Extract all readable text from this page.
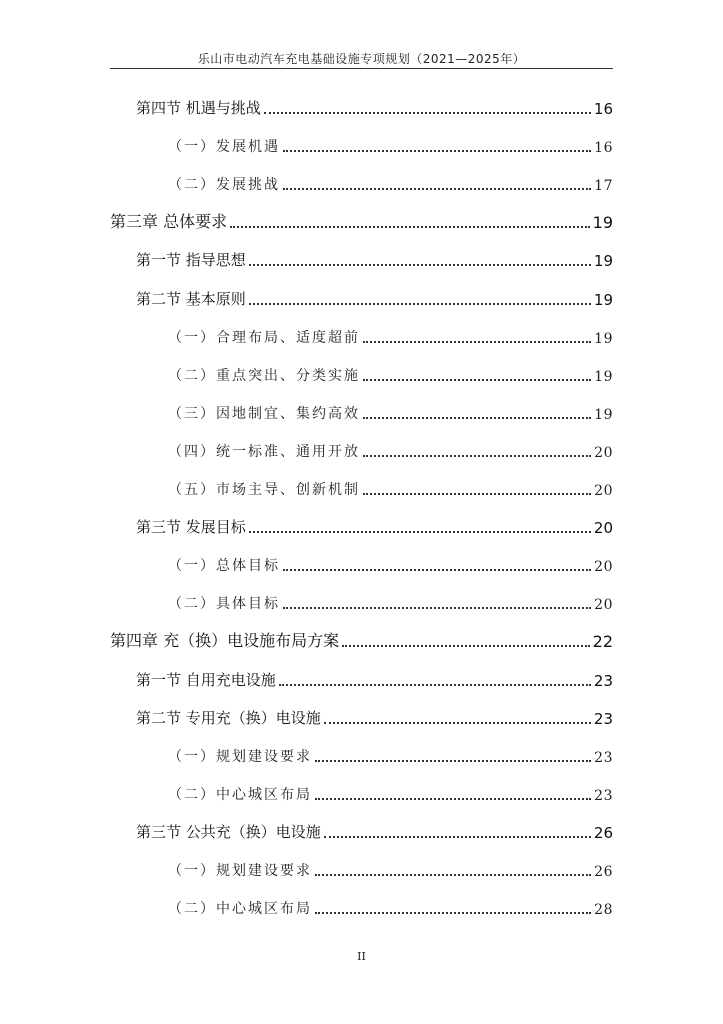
乐山市电动汽车充电基础设施专项规划（2021—2025年）
第四节 机遇与挑战	16
（一）发展机遇	16
（二）发展挑战	17
第三章 总体要求	19
第一节 指导思想	19
第二节 基本原则	19
（一）合理布局、适度超前	19
（二）重点突出、分类实施	19
（三）因地制宜、集约高效	19
（四）统一标准、通用开放	20
（五）市场主导、创新机制	20
第三节 发展目标	20
（一）总体目标	20
（二）具体目标	20
第四章 充（换）电设施布局方案	22
第一节 自用充电设施	23
第二节 专用充（换）电设施	23
（一）规划建设要求	23
（二）中心城区布局	23
第三节 公共充（换）电设施	26
（一）规划建设要求	26
（二）中心城区布局	28
II
